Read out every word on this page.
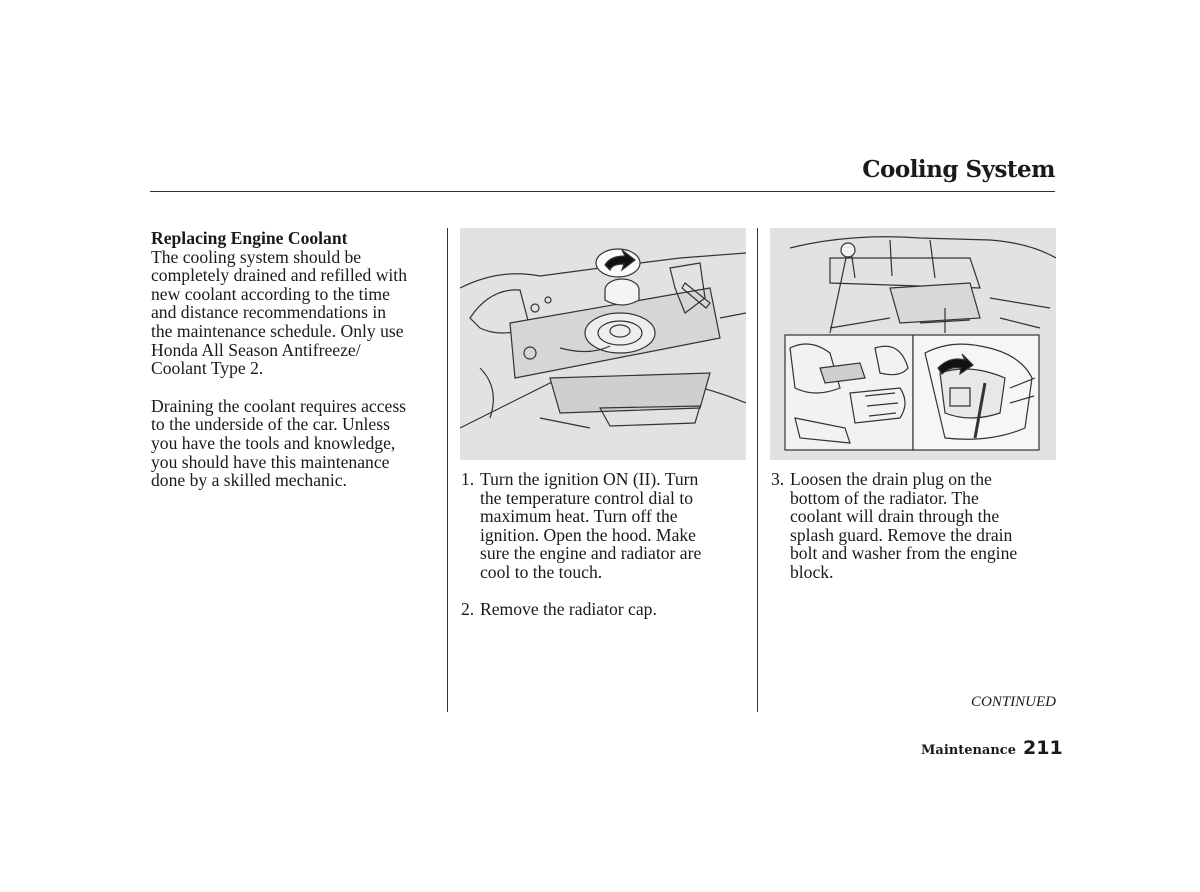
Cooling System
Replacing Engine Coolant
The cooling system should be
completely drained and refilled with
new coolant according to the time
and distance recommendations in
the maintenance schedule. Only use
Honda All Season Antifreeze/
Coolant Type 2.
Draining the coolant requires access
to the underside of the car. Unless
you have the tools and knowledge,
you should have this maintenance
done by a skilled mechanic.	1. Turn the ignition ON (II). Turn
the temperature control dial to
maximum heat. Turn off the
ignition. Open the hood. Make
sure the engine and radiator are
cool to the touch.
2. Remove the radiator cap.
3. Loosen the drain plug on the
bottom of the radiator. The
coolant will drain through the
splash guard. Remove the drain
bolt and washer from the engine
block.
CONTINUED
Maintenance 211
